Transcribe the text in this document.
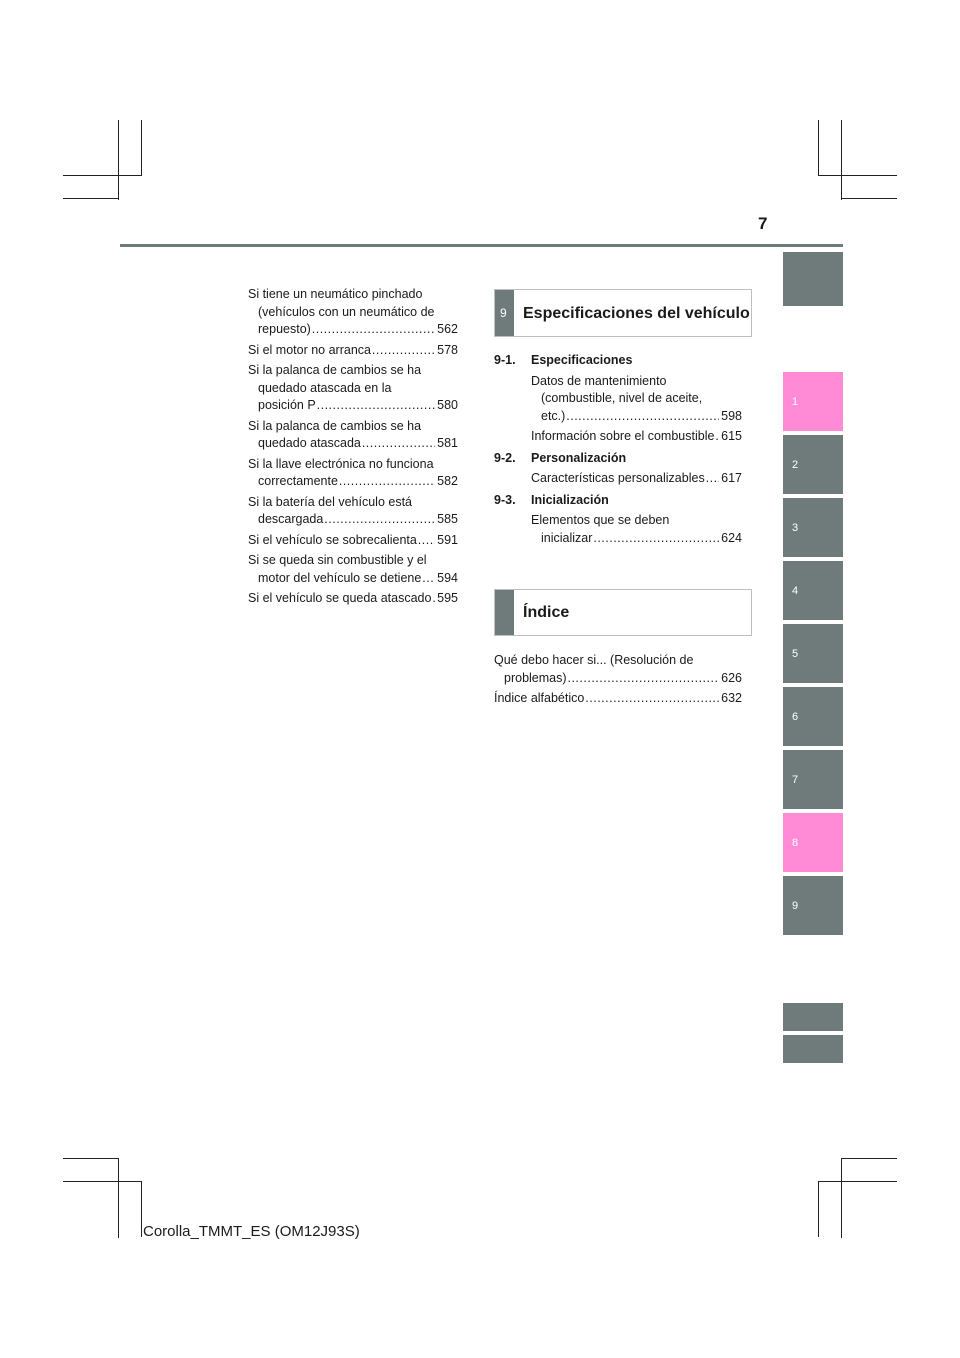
7
1
2
3
4
5
6
7
8
9
Si tiene un neumático pinchado (vehículos con un neumático de repuesto) .....	562
Si el motor no arranca .....	578
Si la palanca de cambios se ha quedado atascada en la posición P .....	580
Si la palanca de cambios se ha quedado atascada .....	581
Si la llave electrónica no funciona correctamente .....	582
Si la batería del vehículo está descargada .....	585
Si el vehículo se sobrecalienta .....	591
Si se queda sin combustible y el motor del vehículo se detiene .....	594
Si el vehículo se queda atascado ..... 595
9 Especificaciones del vehículo
9-1.	Especificaciones
Datos de mantenimiento (combustible, nivel de aceite, etc.) .....	598
Información sobre el combustible ..... 615
9-2.	Personalización
Características personalizables .....	617
9-3.	Inicialización
Elementos que se deben inicializar .....	624
Índice
Qué debo hacer si... (Resolución de problemas) .....	626
Índice alfabético .....	632
Corolla_TMMT_ES (OM12J93S)
